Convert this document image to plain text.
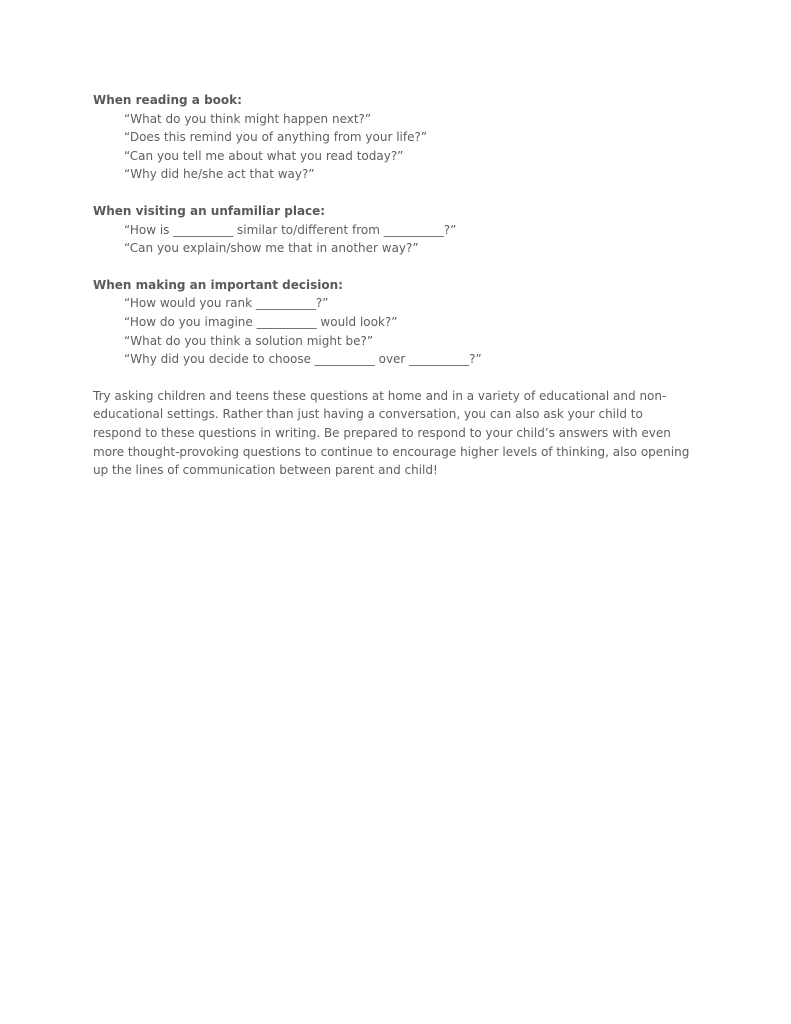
When reading a book:

“What do you think might happen next?”

“Does this remind you of anything from your life?”

“Can you tell me about what you read today?”

“Why did he/she act that way?”

When visiting an unfamiliar place:

“How is __________ similar to/different from __________?”

“Can you explain/show me that in another way?”

When making an important decision:

“How would you rank __________?”

“How do you imagine __________ would look?”

“What do you think a solution might be?”

“Why did you decide to choose __________ over __________?”

Try asking children and teens these questions at home and in a variety of educational and non-educational settings. Rather than just having a conversation, you can also ask your child to respond to these questions in writing. Be prepared to respond to your child’s answers with even more thought-provoking questions to continue to encourage higher levels of thinking, also opening up the lines of communication between parent and child!
